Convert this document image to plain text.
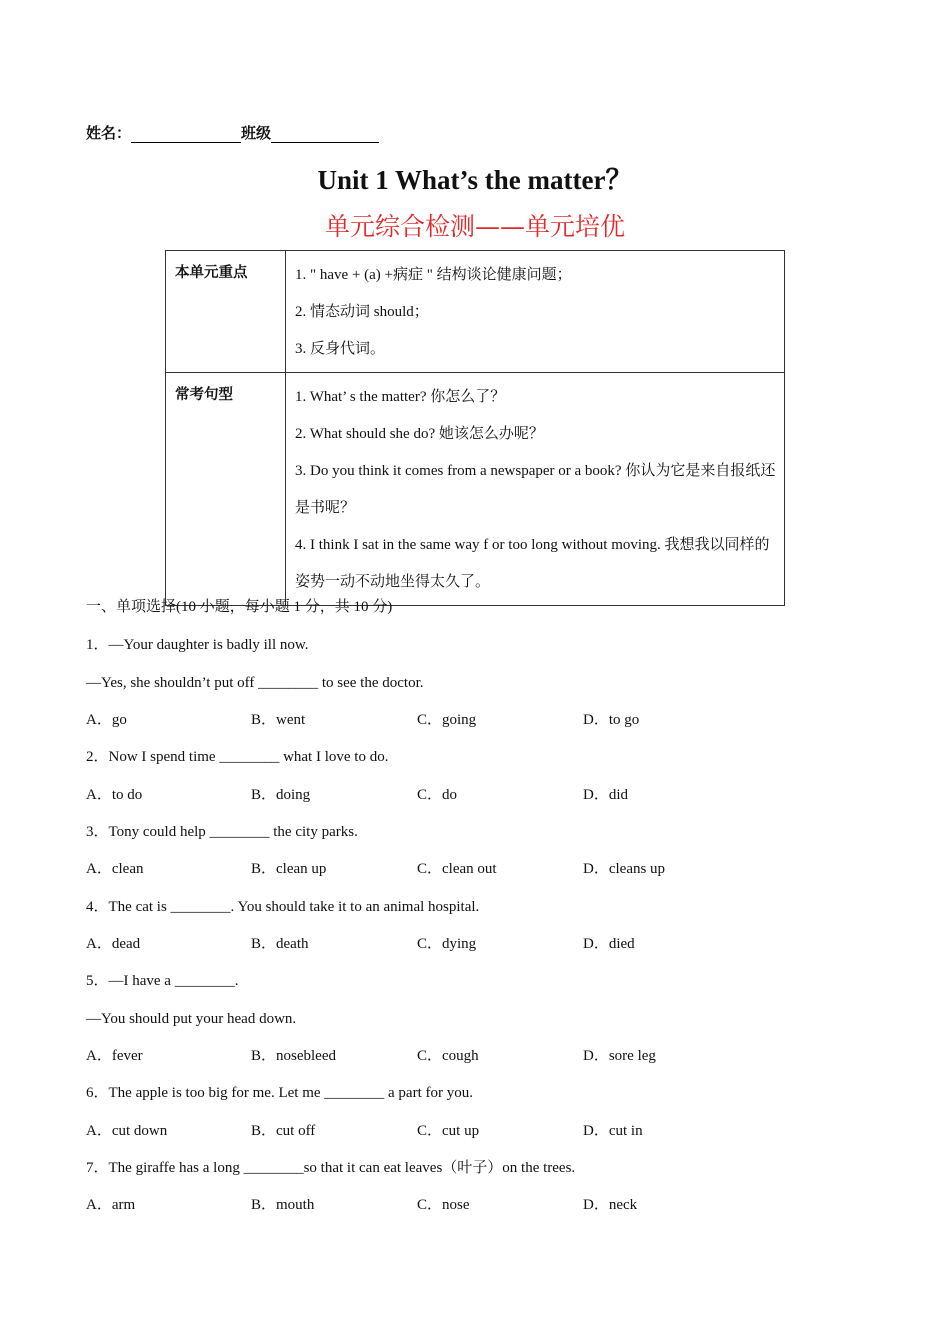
姓名：	班级
Unit 1 What’s the matter？
单元综合检测——单元培优
本单元重点	1. " have + (a) +病症 " 结构谈论健康问题；
2. 情态动词 should；
3. 反身代词。

常考句型	1. What’ s the matter? 你怎么了？
2. What should she do? 她该怎么办呢？
3. Do you think it comes from a newspaper or a book? 你认为它是来自报纸还是书呢？
4. I think I sat in the same way f or too long without moving. 我想我以同样的姿势一动不动地坐得太久了。
一、单项选择(10 小题，每小题 1 分，共 10 分)
1．—Your daughter is badly ill now.
—Yes, she shouldn’t put off ________ to see the doctor.
A．go	B．went	C．going	D．to go
2．Now I spend time ________ what I love to do.
A．to do	B．doing	C．do	D．did
3．Tony could help ________ the city parks.
A．clean	B．clean up	C．clean out	D．cleans up
4．The cat is ________. You should take it to an animal hospital.
A．dead	B．death	C．dying	D．died
5．—I have a ________.
—You should put your head down.
A．fever	B．nosebleed	C．cough	D．sore leg
6．The apple is too big for me. Let me ________ a part for you.
A．cut down	B．cut off	C．cut up	D．cut in
7．The giraffe has a long ________so that it can eat leaves（叶子）on the trees.
A．arm	B．mouth	C．nose	D．neck
